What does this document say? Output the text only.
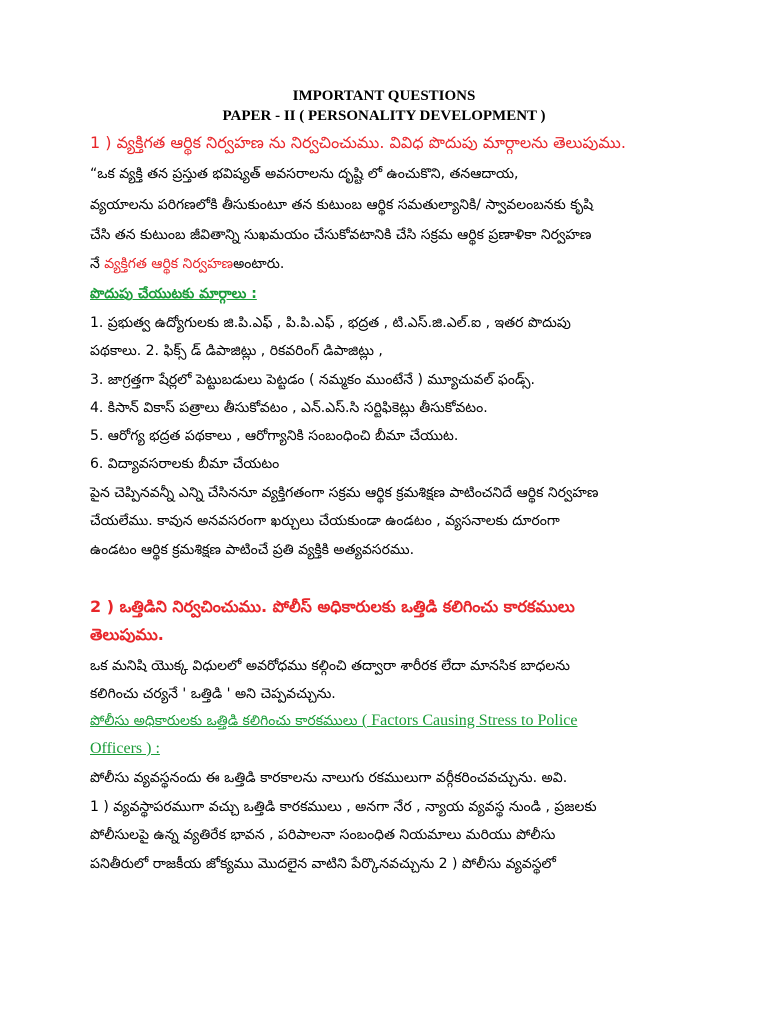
IMPORTANT QUESTIONS
PAPER - II ( PERSONALITY DEVELOPMENT )
1 ) వ్యక్తిగత ఆర్థిక నిర్వహణ ను నిర్వచించుము. వివిధ పొదుపు మార్గాలను తెలుపుము.
“ఒక వ్యక్తి తన ప్రస్తుత భవిష్యత్ అవసరాలను దృష్టి లో ఉంచుకొని, తనఆదాయ,
వ్యయాలను పరిగణలోకి తీసుకుంటూ తన కుటుంబ ఆర్థిక సమతుల్యానికి/ స్వావలంబనకు కృషి
చేసి తన కుటుంబ జీవితాన్ని సుఖమయం చేసుకోవటానికి చేసి సక్రమ ఆర్థిక ప్రణాళికా నిర్వహణ
నే వ్యక్తిగత ఆర్థిక నిర్వహణఅంటారు.
పొదుపు చేయుటకు మార్గాలు :
1. ప్రభుత్వ ఉద్యోగులకు జి.పి.ఎఫ్ , పి.పి.ఎఫ్ , భద్రత , టి.ఎస్.జి.ఎల్.ఐ , ఇతర పొదుపు
పథకాలు. 2. ఫిక్స్ డ్ డిపాజిట్లు , రికవరింగ్ డిపాజిట్లు ,
3. జాగ్రత్తగా షేర్లలో పెట్టుబడులు పెట్టడం ( నమ్మకం ముంటేనే ) మ్యూచువల్ ఫండ్స్.
4. కిసాన్ వికాస్ పత్రాలు తీసుకోవటం , ఎన్.ఎస్.సి సర్టిఫికెట్లు తీసుకోవటం.
5. ఆరోగ్య భద్రత పథకాలు , ఆరోగ్యానికి సంబంధించి బీమా చేయుట.
6. విద్యావసరాలకు బీమా చేయటం
పైన చెప్పినవన్నీ ఎన్ని చేసిననూ వ్యక్తిగతంగా సక్రమ ఆర్థిక క్రమశిక్షణ పాటించనిదే ఆర్థిక నిర్వహణ
చేయలేము. కావున అనవసరంగా ఖర్చులు చేయకుండా ఉండటం , వ్యసనాలకు దూరంగా
ఉండటం ఆర్థిక క్రమశిక్షణ పాటించే ప్రతి వ్యక్తికి అత్యవసరము.
2 ) ఒత్తిడిని నిర్వచించుము. పోలీస్ అధికారులకు ఒత్తిడి కలిగించు కారకములు
తెలుపుము.
ఒక మనిషి యొక్క విధులలో అవరోధము కల్గించి తద్వారా శారీరక లేదా మానసిక బాధలను
కలిగించు చర్యనే ' ఒత్తిడి ' అని చెప్పవచ్చును.
పోలీసు అధికారులకు ఒత్తిడి కలిగించు కారకములు ( Factors Causing Stress to Police
Officers ) :
పోలీసు వ్యవస్థనందు ఈ ఒత్తిడి కారకాలను నాలుగు రకములుగా వర్గీకరించవచ్చును. అవి.
1 ) వ్యవస్థాపరముగా వచ్చు ఒత్తిడి కారకములు , అనగా నేర , న్యాయ వ్యవస్థ నుండి , ప్రజలకు
పోలీసులపై ఉన్న వ్యతిరేక భావన , పరిపాలనా సంబంధిత నియమాలు మరియు పోలీసు
పనితీరులో రాజకీయ జోక్యము మొదలైన వాటిని పేర్కొనవచ్చును 2 ) పోలీసు వ్యవస్థలో
